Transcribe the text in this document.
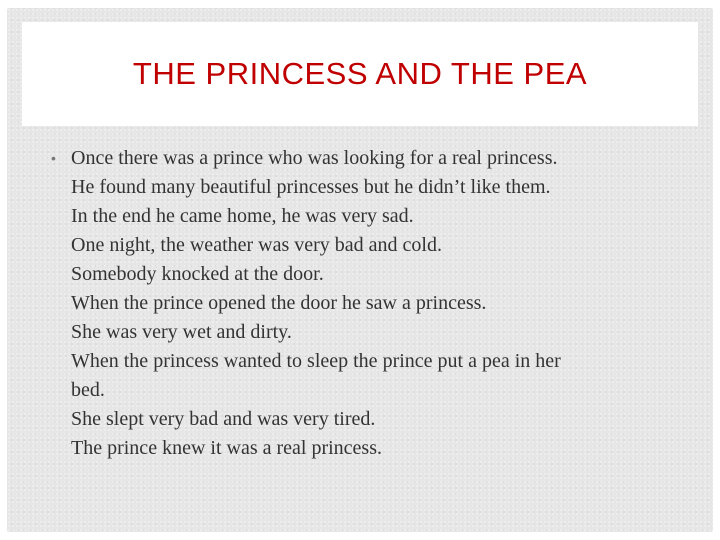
THE PRINCESS AND THE PEA
• Once there was a prince who was looking for a real princess.
He found many beautiful princesses but he didn’t like them.
In the end he came home, he was very sad.
One night, the weather was very bad and cold.
Somebody knocked at the door.
When the prince opened the door he saw a princess.
She was very wet and dirty.
When the princess wanted to sleep the prince put a pea in her
bed.
She slept very bad and was very tired.
The prince knew it was a real princess.
